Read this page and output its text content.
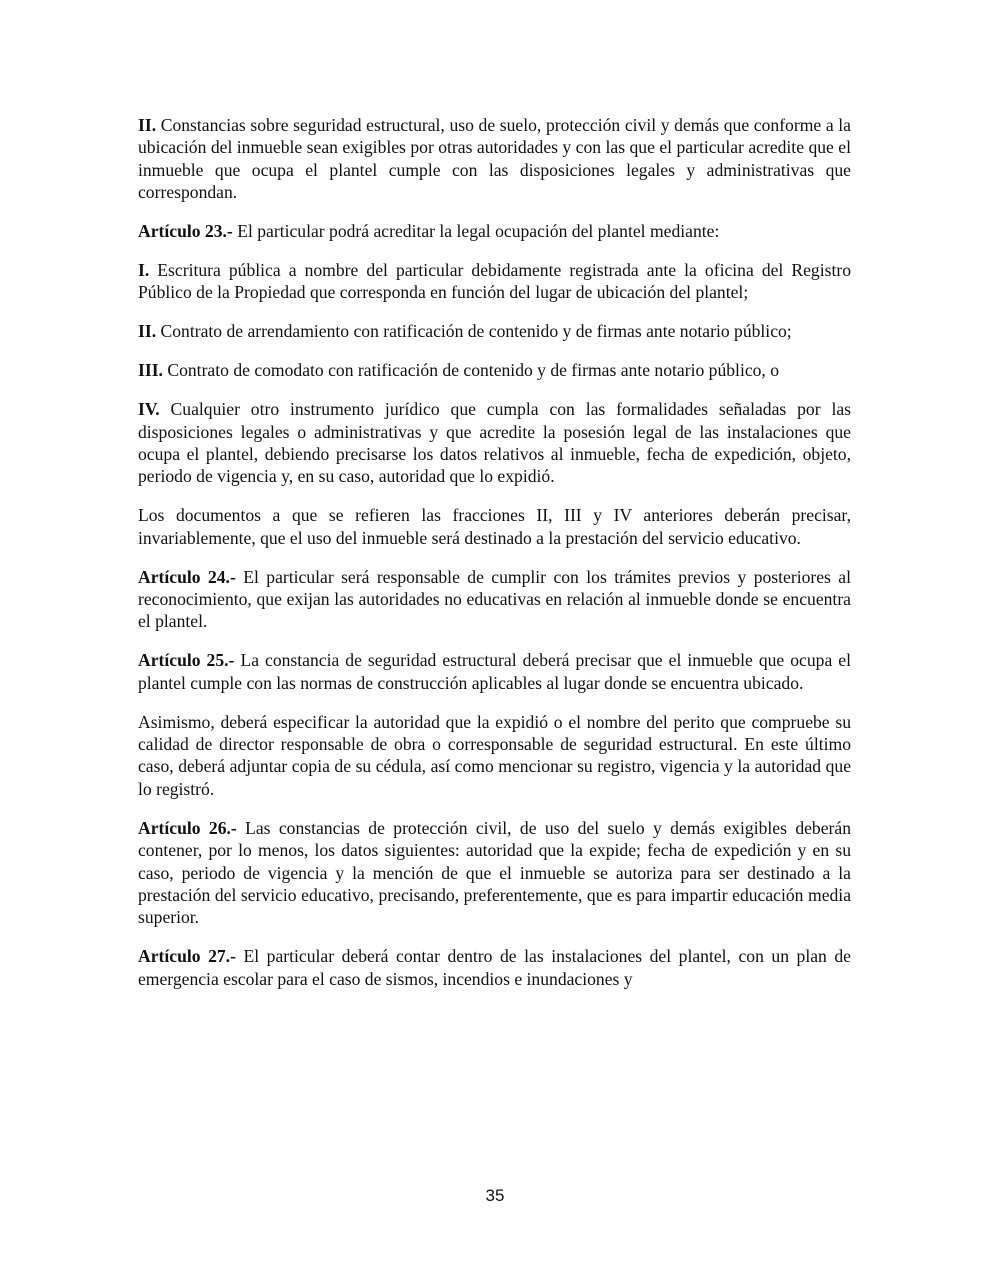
II. Constancias sobre seguridad estructural, uso de suelo, protección civil y demás que conforme a la ubicación del inmueble sean exigibles por otras autoridades y con las que el particular acredite que el inmueble que ocupa el plantel cumple con las disposiciones legales y administrativas que correspondan.

Artículo 23.- El particular podrá acreditar la legal ocupación del plantel mediante:

I. Escritura pública a nombre del particular debidamente registrada ante la oficina del Registro Público de la Propiedad que corresponda en función del lugar de ubicación del plantel;

II. Contrato de arrendamiento con ratificación de contenido y de firmas ante notario público;

III. Contrato de comodato con ratificación de contenido y de firmas ante notario público, o

IV. Cualquier otro instrumento jurídico que cumpla con las formalidades señaladas por las disposiciones legales o administrativas y que acredite la posesión legal de las instalaciones que ocupa el plantel, debiendo precisarse los datos relativos al inmueble, fecha de expedición, objeto, periodo de vigencia y, en su caso, autoridad que lo expidió.

Los documentos a que se refieren las fracciones II, III y IV anteriores deberán precisar, invariablemente, que el uso del inmueble será destinado a la prestación del servicio educativo.

Artículo 24.- El particular será responsable de cumplir con los trámites previos y posteriores al reconocimiento, que exijan las autoridades no educativas en relación al inmueble donde se encuentra el plantel.

Artículo 25.- La constancia de seguridad estructural deberá precisar que el inmueble que ocupa el plantel cumple con las normas de construcción aplicables al lugar donde se encuentra ubicado.

Asimismo, deberá especificar la autoridad que la expidió o el nombre del perito que compruebe su calidad de director responsable de obra o corresponsable de seguridad estructural. En este último caso, deberá adjuntar copia de su cédula, así como mencionar su registro, vigencia y la autoridad que lo registró.

Artículo 26.- Las constancias de protección civil, de uso del suelo y demás exigibles deberán contener, por lo menos, los datos siguientes: autoridad que la expide; fecha de expedición y en su caso, periodo de vigencia y la mención de que el inmueble se autoriza para ser destinado a la prestación del servicio educativo, precisando, preferentemente, que es para impartir educación media superior.

Artículo 27.- El particular deberá contar dentro de las instalaciones del plantel, con un plan de emergencia escolar para el caso de sismos, incendios e inundaciones y

35
